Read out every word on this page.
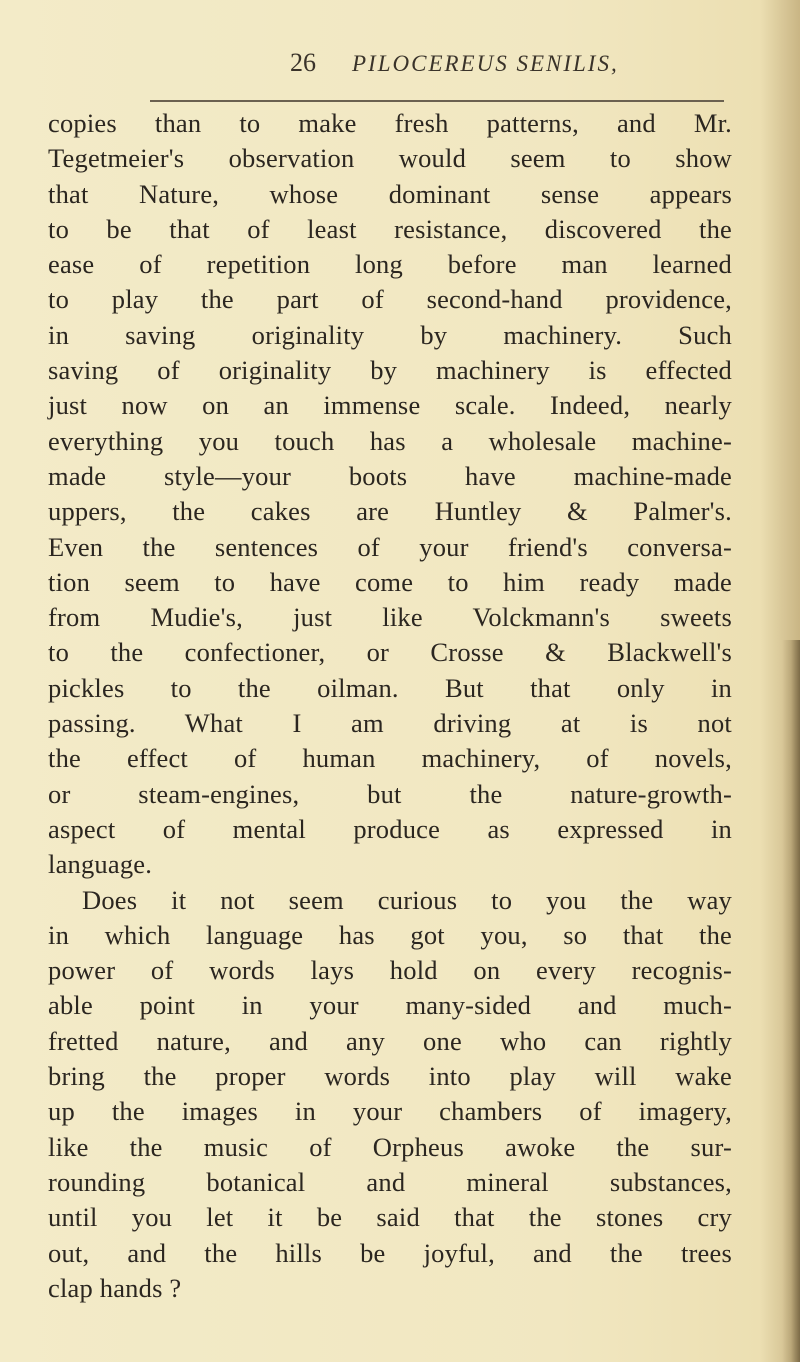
26 PILOCEREUS SENILIS,
copies than to make fresh patterns, and Mr.
Tegetmeier's observation would seem to show
that Nature, whose dominant sense appears
to be that of least resistance, discovered the
ease of repetition long before man learned
to play the part of second-hand providence,
in saving originality by machinery. Such
saving of originality by machinery is effected
just now on an immense scale. Indeed, nearly
everything you touch has a wholesale machine-
made style—your boots have machine-made
uppers, the cakes are Huntley & Palmer's.
Even the sentences of your friend's conversa-
tion seem to have come to him ready made
from Mudie's, just like Volckmann's sweets
to the confectioner, or Crosse & Blackwell's
pickles to the oilman. But that only in
passing. What I am driving at is not
the effect of human machinery, of novels,
or steam-engines, but the nature-growth-
aspect of mental produce as expressed in
language.
Does it not seem curious to you the way
in which language has got you, so that the
power of words lays hold on every recognis-
able point in your many-sided and much-
fretted nature, and any one who can rightly
bring the proper words into play will wake
up the images in your chambers of imagery,
like the music of Orpheus awoke the sur-
rounding botanical and mineral substances,
until you let it be said that the stones cry
out, and the hills be joyful, and the trees
clap hands ?
